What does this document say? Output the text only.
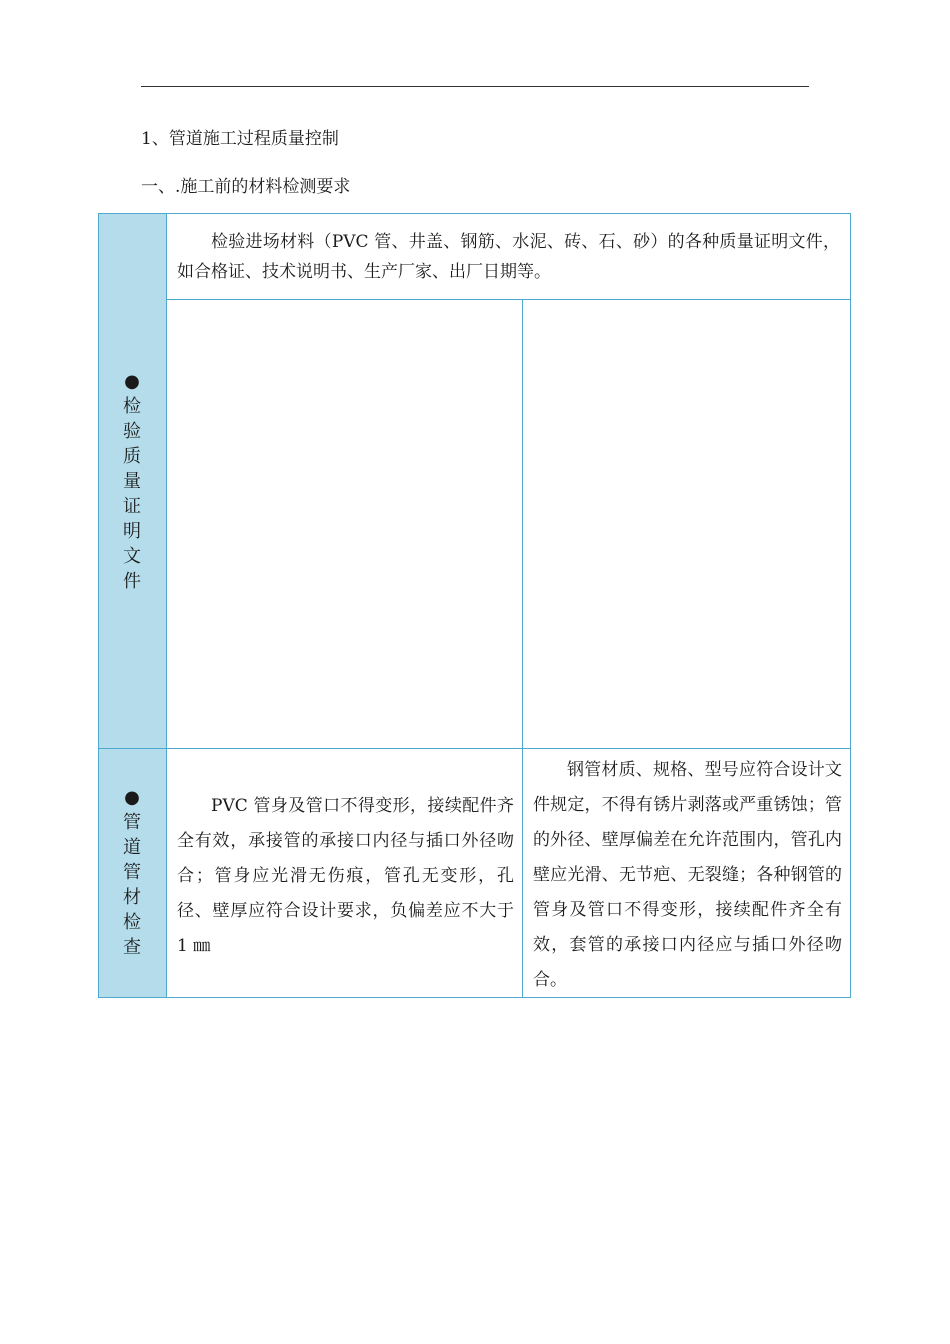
1、管道施工过程质量控制
一、.施工前的材料检测要求
●
检
验
质
量
证
明
文
件
检验进场材料（PVC 管、井盖、钢筋、水泥、砖、石、砂）的各种质量证明文件，如合格证、技术说明书、生产厂家、出厂日期等。
●
管
道
管
材
检
查
PVC 管身及管口不得变形，接续配件齐全有效，承接管的承接口内径与插口外径吻合；管身应光滑无伤痕，管孔无变形，孔径、壁厚应符合设计要求，负偏差应不大于 1 ㎜
钢管材质、规格、型号应符合设计文件规定，不得有锈片剥落或严重锈蚀；管的外径、壁厚偏差在允许范围内，管孔内壁应光滑、无节疤、无裂缝；各种钢管的管身及管口不得变形，接续配件齐全有效，套管的承接口内径应与插口外径吻合。
